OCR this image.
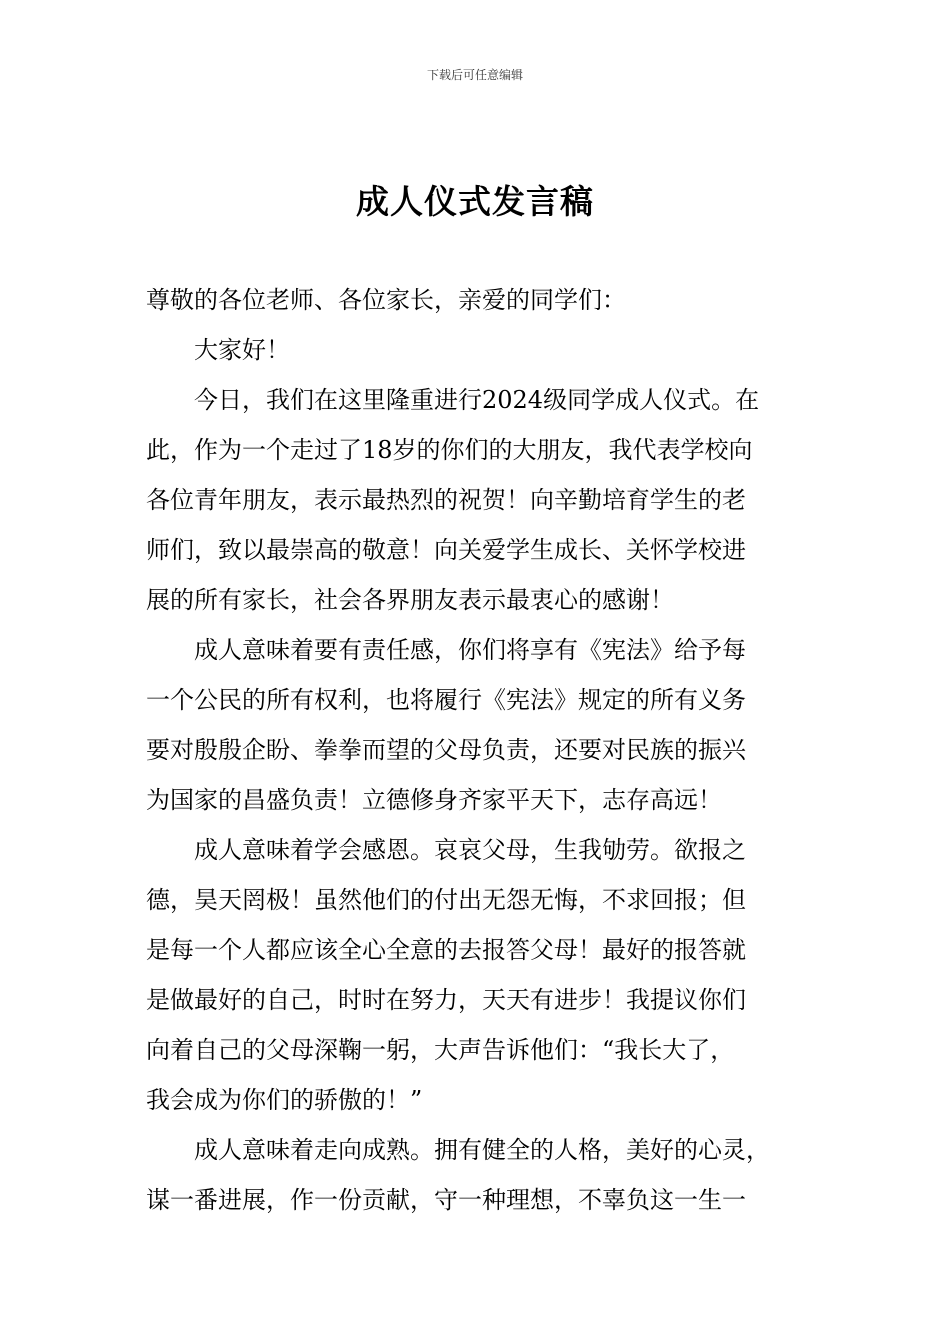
下载后可任意编辑
成人仪式发言稿
尊敬的各位老师、各位家长，亲爱的同学们：
大家好！
今日，我们在这里隆重进行2024级同学成人仪式。在
此，作为一个走过了18岁的你们的大朋友，我代表学校向
各位青年朋友，表示最热烈的祝贺！向辛勤培育学生的老
师们，致以最崇高的敬意！向关爱学生成长、关怀学校进
展的所有家长，社会各界朋友表示最衷心的感谢！
成人意味着要有责任感，你们将享有《宪法》给予每
一个公民的所有权利，也将履行《宪法》规定的所有义务
要对殷殷企盼、拳拳而望的父母负责，还要对民族的振兴
为国家的昌盛负责！立德修身齐家平天下，志存高远！
成人意味着学会感恩。哀哀父母，生我劬劳。欲报之
德，昊天罔极！虽然他们的付出无怨无悔，不求回报；但
是每一个人都应该全心全意的去报答父母！最好的报答就
是做最好的自己，时时在努力，天天有进步！我提议你们
向着自己的父母深鞠一躬，大声告诉他们：“我长大了，
我会成为你们的骄傲的！”
成人意味着走向成熟。拥有健全的人格，美好的心灵，
谋一番进展，作一份贡献，守一种理想，不辜负这一生一
